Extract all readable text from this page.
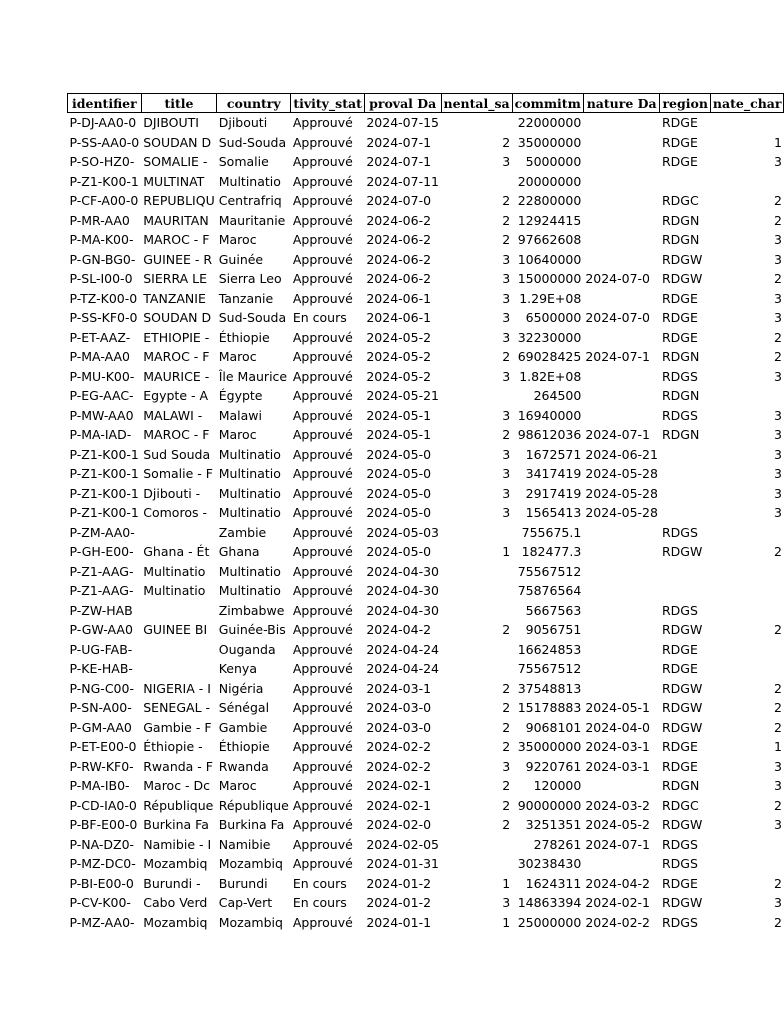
identifier	title	country	tivity_stat	proval Da	nental_sa	commitm	nature Da	region	nate_char
P-DJ-AA0-0	DJIBOUTI	Djibouti	Approuvé	2024-07-15		22000000		RDGE	
P-SS-AA0-0	SOUDAN D	Sud-Souda	Approuvé	2024-07-1	2	35000000		RDGE	1
P-SO-HZ0-	SOMALIE -	Somalie	Approuvé	2024-07-1	3	5000000		RDGE	3
P-Z1-K00-1	MULTINAT	Multinatio	Approuvé	2024-07-11		20000000			
P-CF-A00-0	REPUBLIQU	Centrafriq	Approuvé	2024-07-0	2	22800000		RDGC	2
P-MR-AA0	MAURITAN	Mauritanie	Approuvé	2024-06-2	2	12924415		RDGN	2
P-MA-K00-	MAROC - F	Maroc	Approuvé	2024-06-2	2	97662608		RDGN	3
P-GN-BG0-	GUINEE - R	Guinée	Approuvé	2024-06-2	3	10640000		RDGW	3
P-SL-I00-0	SIERRA LE	Sierra Leo	Approuvé	2024-06-2	3	15000000	2024-07-0	RDGW	2
P-TZ-K00-0	TANZANIE	Tanzanie	Approuvé	2024-06-1	3	1.29E+08		RDGE	3
P-SS-KF0-0	SOUDAN D	Sud-Souda	En cours	2024-06-1	3	6500000	2024-07-0	RDGE	3
P-ET-AAZ-	ETHIOPIE -	Éthiopie	Approuvé	2024-05-2	3	32230000		RDGE	2
P-MA-AA0	MAROC - F	Maroc	Approuvé	2024-05-2	2	69028425	2024-07-1	RDGN	2
P-MU-K00-	MAURICE -	Île Maurice	Approuvé	2024-05-2	3	1.82E+08		RDGS	3
P-EG-AAC-	Egypte - A	Égypte	Approuvé	2024-05-21		264500		RDGN	
P-MW-AA0	MALAWI -	Malawi	Approuvé	2024-05-1	3	16940000		RDGS	3
P-MA-IAD-	MAROC - F	Maroc	Approuvé	2024-05-1	2	98612036	2024-07-1	RDGN	3
P-Z1-K00-1	Sud Souda	Multinatio	Approuvé	2024-05-0	3	1672571	2024-06-21		3
P-Z1-K00-1	Somalie - F	Multinatio	Approuvé	2024-05-0	3	3417419	2024-05-28		3
P-Z1-K00-1	Djibouti -	Multinatio	Approuvé	2024-05-0	3	2917419	2024-05-28		3
P-Z1-K00-1	Comoros -	Multinatio	Approuvé	2024-05-0	3	1565413	2024-05-28		3
P-ZM-AA0-		Zambie	Approuvé	2024-05-03		755675.1		RDGS	
P-GH-E00-	Ghana - Ét	Ghana	Approuvé	2024-05-0	1	182477.3		RDGW	2
P-Z1-AAG-	Multinatio	Multinatio	Approuvé	2024-04-30		75567512			
P-Z1-AAG-	Multinatio	Multinatio	Approuvé	2024-04-30		75876564			
P-ZW-HAB		Zimbabwe	Approuvé	2024-04-30		5667563		RDGS	
P-GW-AA0	GUINEE BI	Guinée-Bis	Approuvé	2024-04-2	2	9056751		RDGW	2
P-UG-FAB-		Ouganda	Approuvé	2024-04-24		16624853		RDGE	
P-KE-HAB-		Kenya	Approuvé	2024-04-24		75567512		RDGE	
P-NG-C00-	NIGERIA - I	Nigéria	Approuvé	2024-03-1	2	37548813		RDGW	2
P-SN-A00-	SENEGAL -	Sénégal	Approuvé	2024-03-0	2	15178883	2024-05-1	RDGW	2
P-GM-AA0	Gambie - F	Gambie	Approuvé	2024-03-0	2	9068101	2024-04-0	RDGW	2
P-ET-E00-0	Éthiopie -	Éthiopie	Approuvé	2024-02-2	2	35000000	2024-03-1	RDGE	1
P-RW-KF0-	Rwanda - F	Rwanda	Approuvé	2024-02-2	3	9220761	2024-03-1	RDGE	3
P-MA-IB0-	Maroc - Dc	Maroc	Approuvé	2024-02-1	2	120000		RDGN	3
P-CD-IA0-0	République	République	Approuvé	2024-02-1	2	90000000	2024-03-2	RDGC	2
P-BF-E00-0	Burkina Fa	Burkina Fa	Approuvé	2024-02-0	2	3251351	2024-05-2	RDGW	3
P-NA-DZ0-	Namibie - I	Namibie	Approuvé	2024-02-05		278261	2024-07-1	RDGS	
P-MZ-DC0-	Mozambiq	Mozambiq	Approuvé	2024-01-31		30238430		RDGS	
P-BI-E00-0	Burundi -	Burundi	En cours	2024-01-2	1	1624311	2024-04-2	RDGE	2
P-CV-K00-	Cabo Verd	Cap-Vert	En cours	2024-01-2	3	14863394	2024-02-1	RDGW	3
P-MZ-AA0-	Mozambiq	Mozambiq	Approuvé	2024-01-1	1	25000000	2024-02-2	RDGS	2
